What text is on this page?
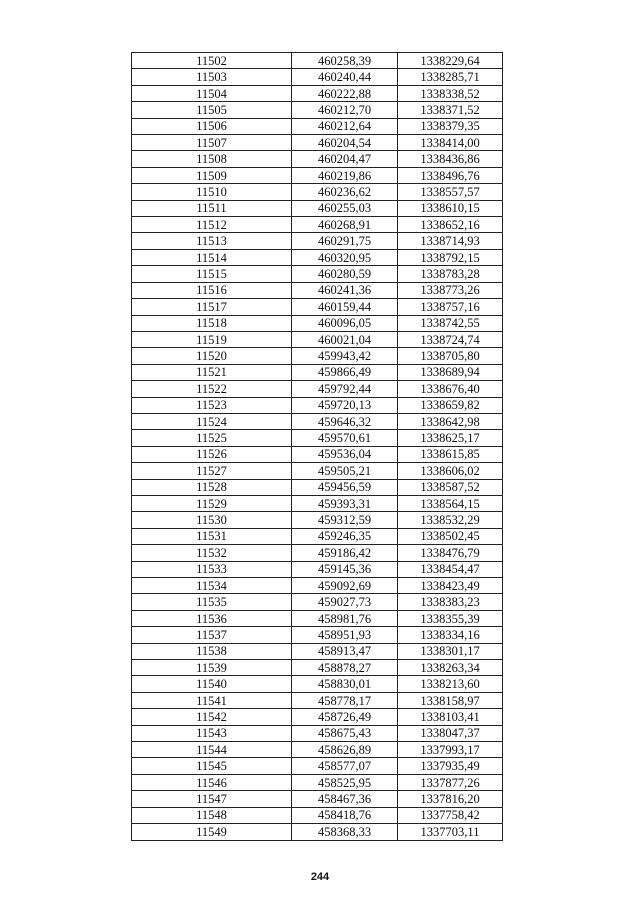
11502	460258,39	1338229,64
11503	460240,44	1338285,71
11504	460222,88	1338338,52
11505	460212,70	1338371,52
11506	460212,64	1338379,35
11507	460204,54	1338414,00
11508	460204,47	1338436,86
11509	460219,86	1338496,76
11510	460236,62	1338557,57
11511	460255,03	1338610,15
11512	460268,91	1338652,16
11513	460291,75	1338714,93
11514	460320,95	1338792,15
11515	460280,59	1338783,28
11516	460241,36	1338773,26
11517	460159,44	1338757,16
11518	460096,05	1338742,55
11519	460021,04	1338724,74
11520	459943,42	1338705,80
11521	459866,49	1338689,94
11522	459792,44	1338676,40
11523	459720,13	1338659,82
11524	459646,32	1338642,98
11525	459570,61	1338625,17
11526	459536,04	1338615,85
11527	459505,21	1338606,02
11528	459456,59	1338587,52
11529	459393,31	1338564,15
11530	459312,59	1338532,29
11531	459246,35	1338502,45
11532	459186,42	1338476,79
11533	459145,36	1338454,47
11534	459092,69	1338423,49
11535	459027,73	1338383,23
11536	458981,76	1338355,39
11537	458951,93	1338334,16
11538	458913,47	1338301,17
11539	458878,27	1338263,34
11540	458830,01	1338213,60
11541	458778,17	1338158,97
11542	458726,49	1338103,41
11543	458675,43	1338047,37
11544	458626,89	1337993,17
11545	458577,07	1337935,49
11546	458525,95	1337877,26
11547	458467,36	1337816,20
11548	458418,76	1337758,42
11549	458368,33	1337703,11
244
